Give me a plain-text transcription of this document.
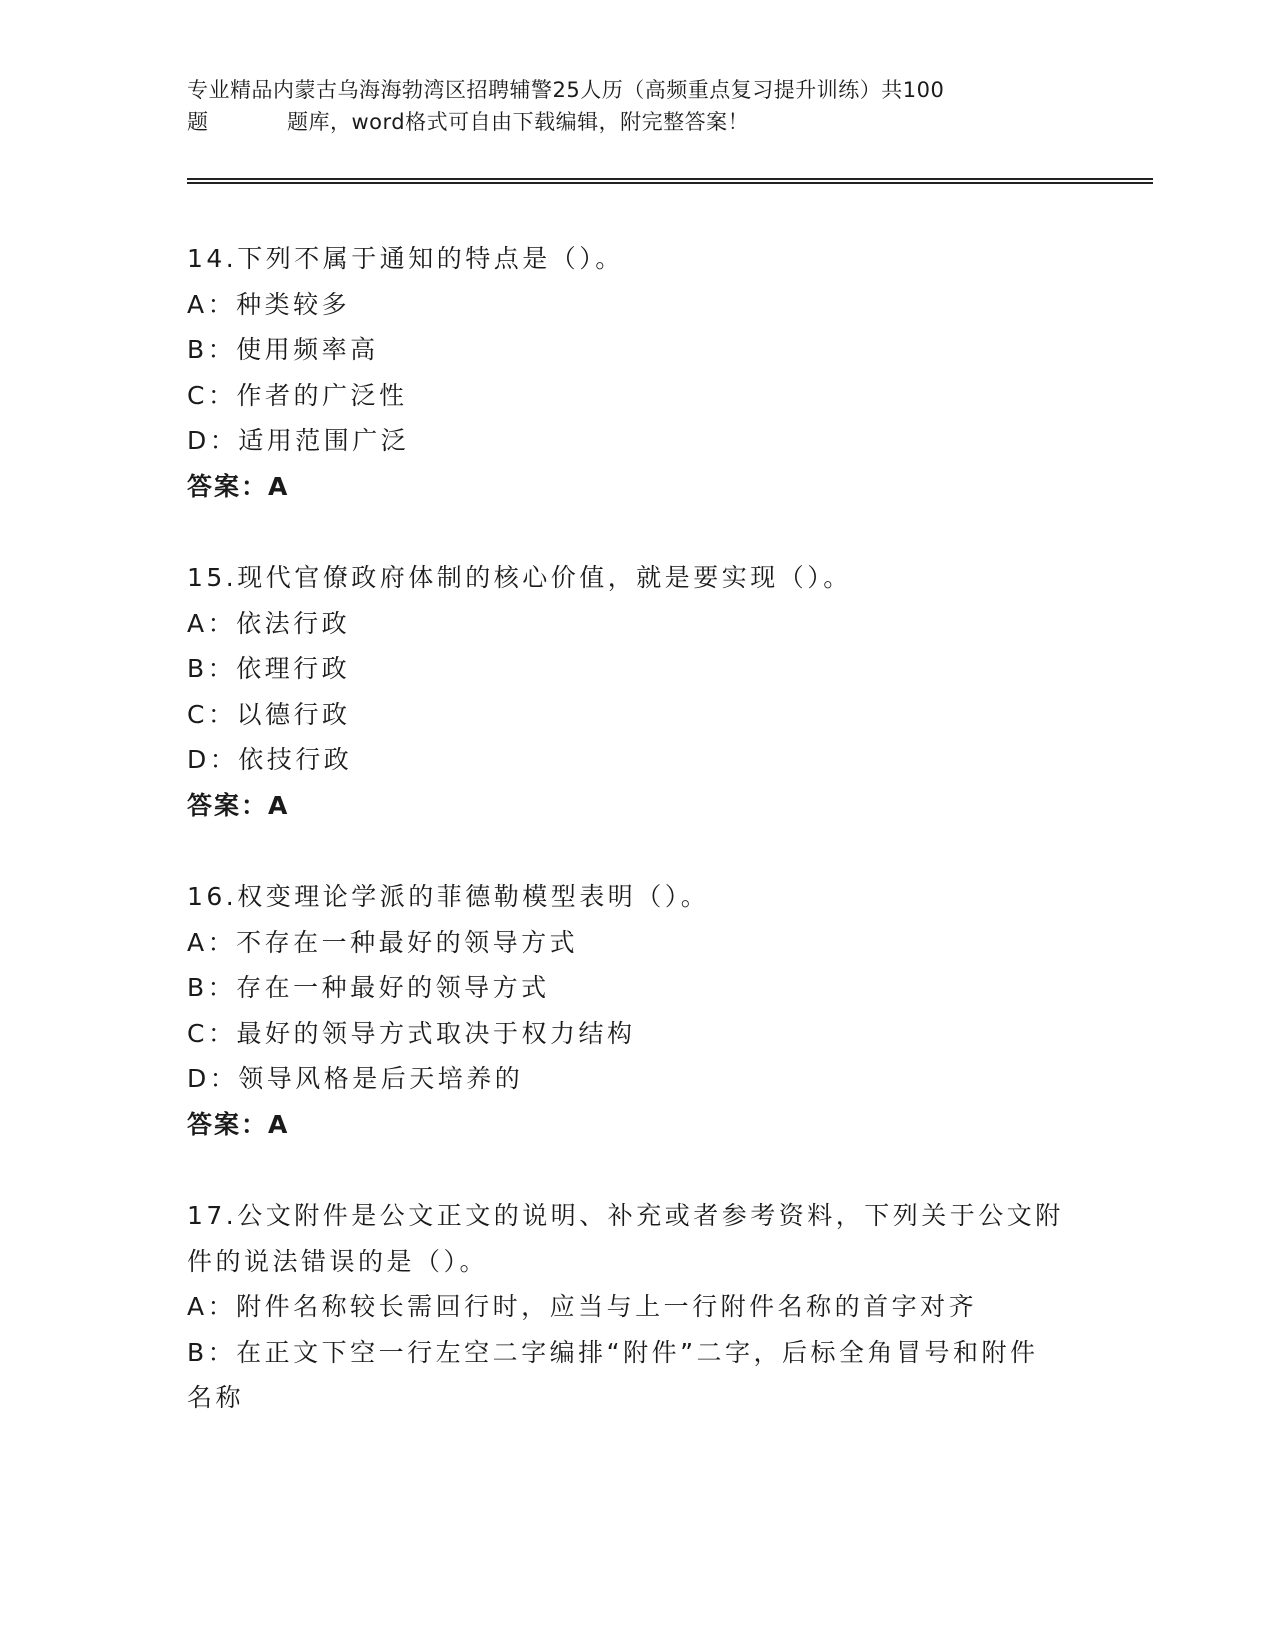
专业精品内蒙古乌海海勃湾区招聘辅警25人历（高频重点复习提升训练）共100
题	题库，word格式可自由下载编辑，附完整答案！
14.下列不属于通知的特点是（）。
A：种类较多
B：使用频率高
C：作者的广泛性
D：适用范围广泛
答案：A
15.现代官僚政府体制的核心价值，就是要实现（）。
A：依法行政
B：依理行政
C：以德行政
D：依技行政
答案：A
16.权变理论学派的菲德勒模型表明（）。
A：不存在一种最好的领导方式
B：存在一种最好的领导方式
C：最好的领导方式取决于权力结构
D：领导风格是后天培养的
答案：A
17.公文附件是公文正文的说明、补充或者参考资料，下列关于公文附
件的说法错误的是（）。
A：附件名称较长需回行时，应当与上一行附件名称的首字对齐
B：在正文下空一行左空二字编排“附件”二字，后标全角冒号和附件
名称
